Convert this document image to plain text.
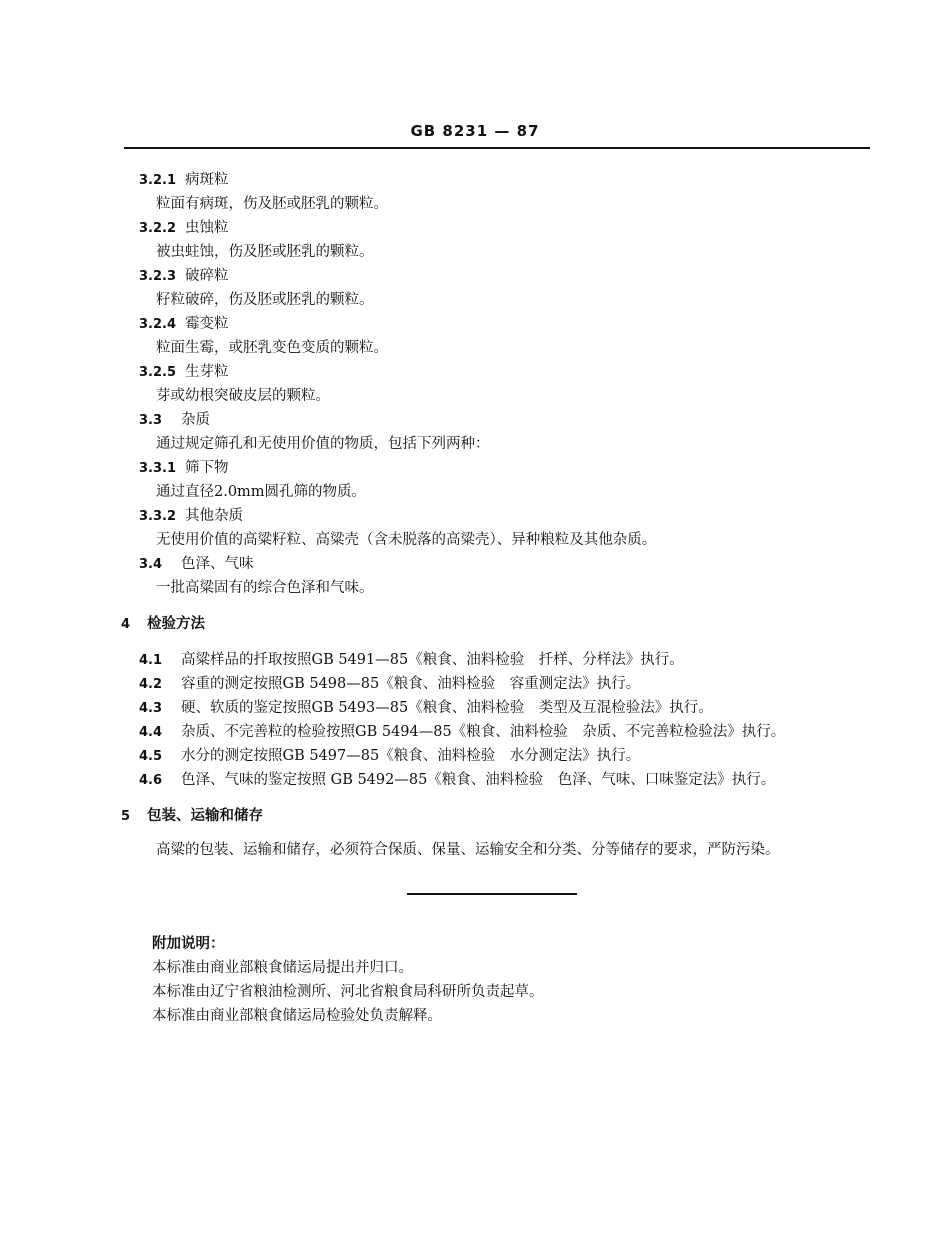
GB 8231 — 87
3.2.1 病斑粒
粒面有病斑，伤及胚或胚乳的颗粒。
3.2.2 虫蚀粒
被虫蛀蚀，伤及胚或胚乳的颗粒。
3.2.3 破碎粒
籽粒破碎，伤及胚或胚乳的颗粒。
3.2.4 霉变粒
粒面生霉，或胚乳变色变质的颗粒。
3.2.5 生芽粒
芽或幼根突破皮层的颗粒。
3.3 杂质
通过规定筛孔和无使用价值的物质，包括下列两种：
3.3.1 筛下物
通过直径2.0mm圆孔筛的物质。
3.3.2 其他杂质
无使用价值的高粱籽粒、高粱壳（含未脱落的高粱壳）、异种粮粒及其他杂质。
3.4 色泽、气味
一批高粱固有的综合色泽和气味。
4 检验方法
4.1 高粱样品的扦取按照GB 5491—85《粮食、油料检验　扦样、分样法》执行。
4.2 容重的测定按照GB 5498—85《粮食、油料检验　容重测定法》执行。
4.3 硬、软质的鉴定按照GB 5493—85《粮食、油料检验　类型及互混检验法》执行。
4.4 杂质、不完善粒的检验按照GB 5494—85《粮食、油料检验　杂质、不完善粒检验法》执行。
4.5 水分的测定按照GB 5497—85《粮食、油料检验　水分测定法》执行。
4.6 色泽、气味的鉴定按照 GB 5492—85《粮食、油料检验　色泽、气味、口味鉴定法》执行。
5 包装、运输和储存
高粱的包装、运输和储存，必须符合保质、保量、运输安全和分类、分等储存的要求，严防污染。
附加说明：
本标准由商业部粮食储运局提出并归口。
本标准由辽宁省粮油检测所、河北省粮食局科研所负责起草。
本标准由商业部粮食储运局检验处负责解释。
